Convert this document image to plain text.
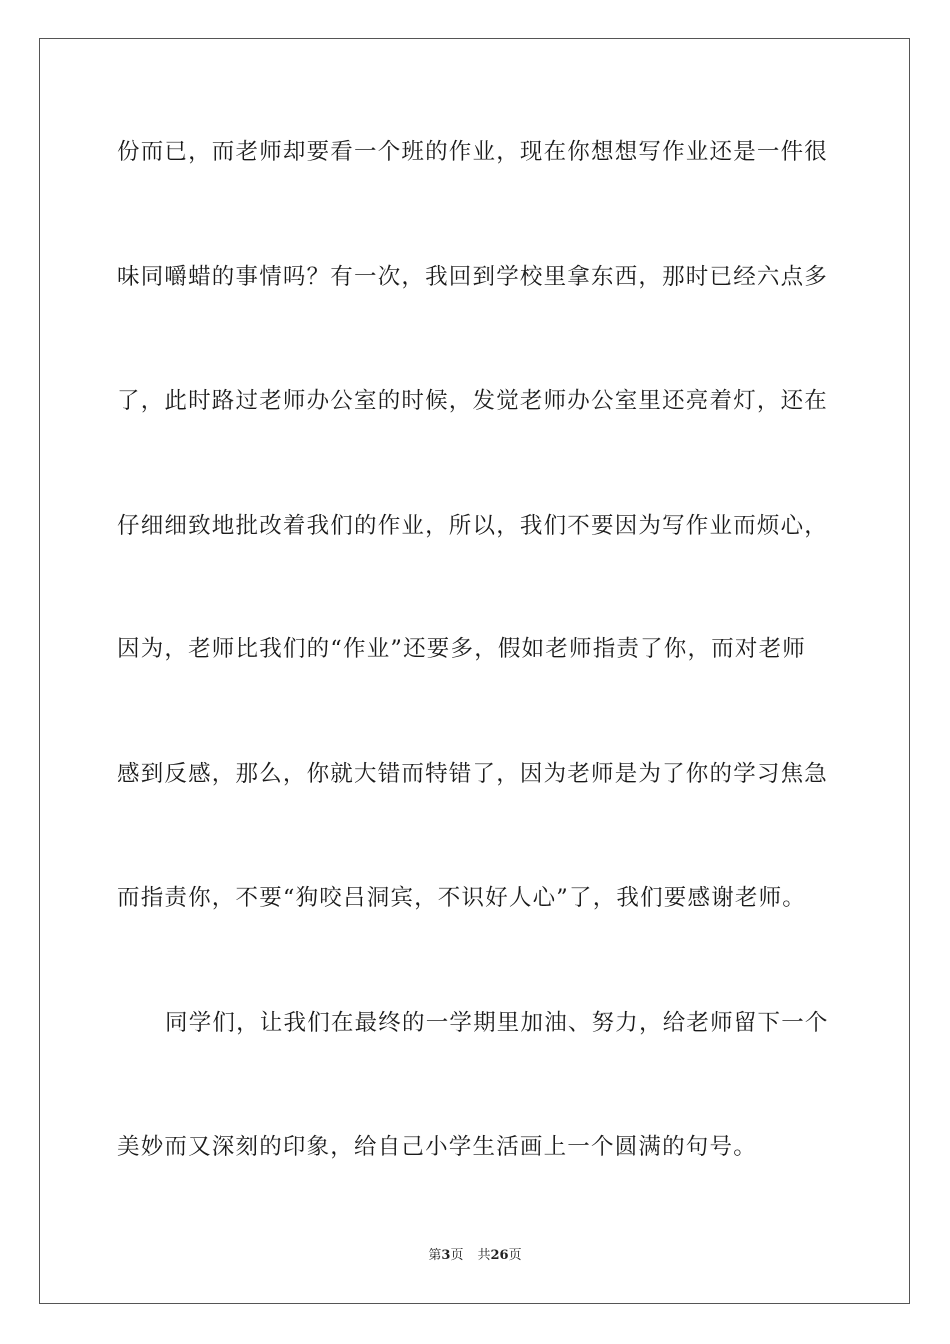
份而已，而老师却要看一个班的作业，现在你想想写作业还是一件很
味同嚼蜡的事情吗？有一次，我回到学校里拿东西，那时已经六点多
了，此时路过老师办公室的时候，发觉老师办公室里还亮着灯，还在
仔细细致地批改着我们的作业，所以，我们不要因为写作业而烦心，
因为，老师比我们的“作业”还要多，假如老师指责了你，而对老师
感到反感，那么，你就大错而特错了，因为老师是为了你的学习焦急
而指责你，不要“狗咬吕洞宾，不识好人心”了，我们要感谢老师。
同学们，让我们在最终的一学期里加油、努力，给老师留下一个
美妙而又深刻的印象，给自己小学生活画上一个圆满的句号。
第3页 共26页
